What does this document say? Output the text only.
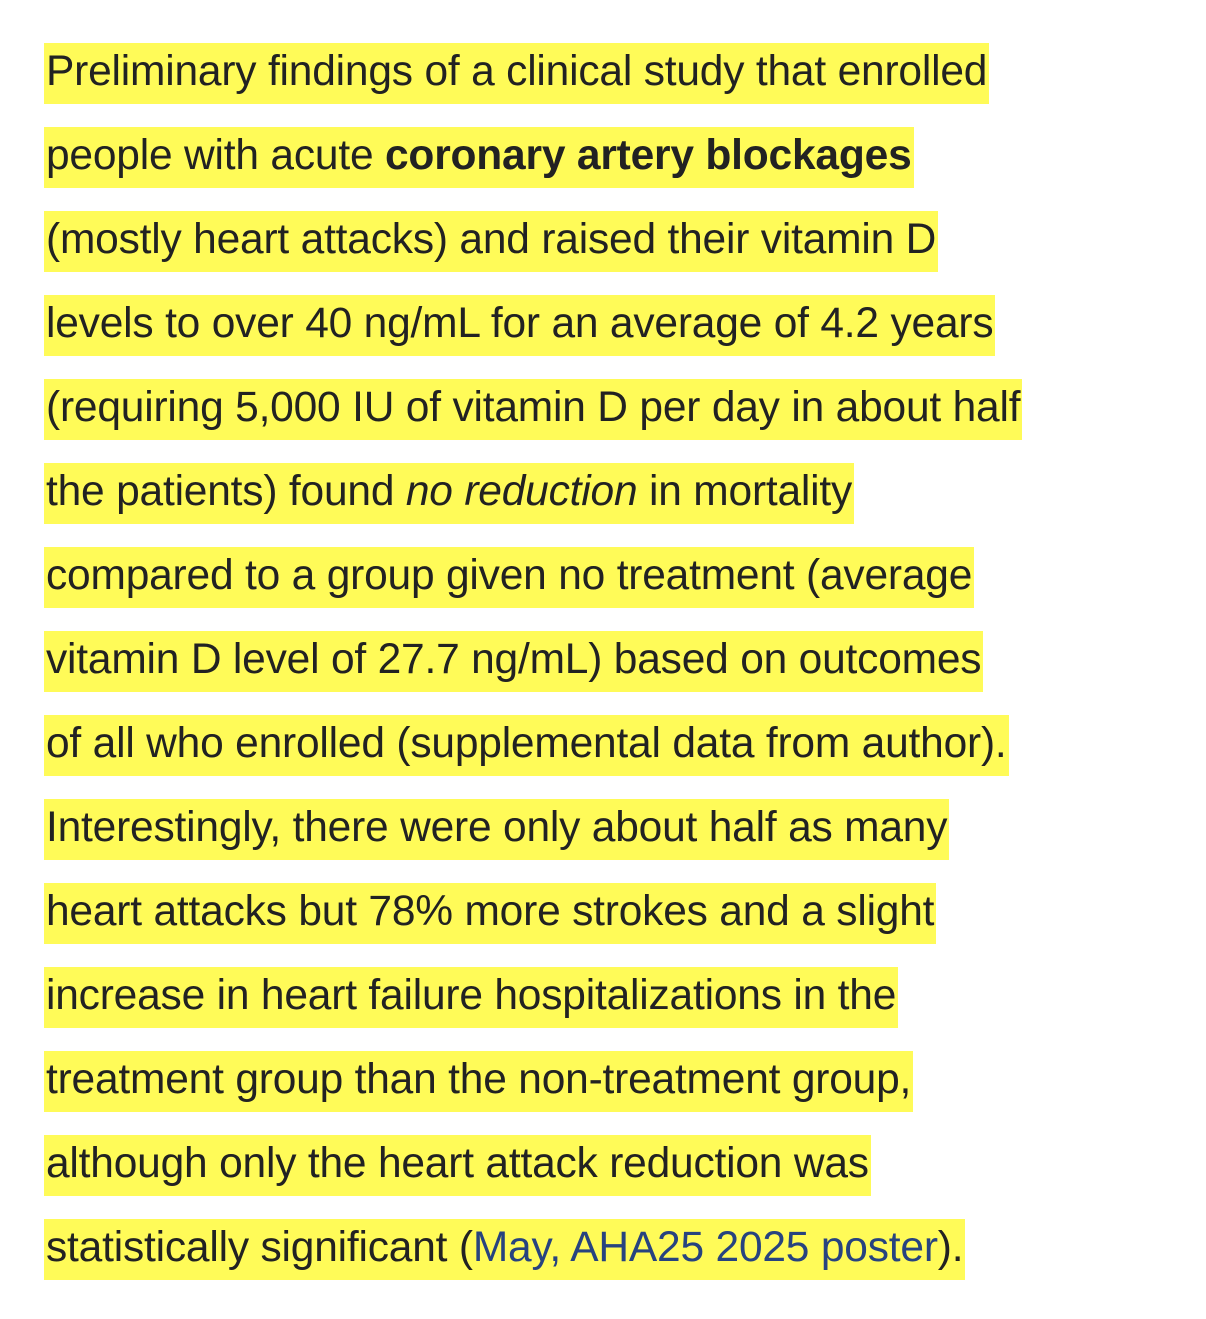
Preliminary findings of a clinical study that enrolled
people with acute coronary artery blockages
(mostly heart attacks) and raised their vitamin D
levels to over 40 ng/mL for an average of 4.2 years
(requiring 5,000 IU of vitamin D per day in about half
the patients) found no reduction in mortality
compared to a group given no treatment (average
vitamin D level of 27.7 ng/mL) based on outcomes
of all who enrolled (supplemental data from author).
Interestingly, there were only about half as many
heart attacks but 78% more strokes and a slight
increase in heart failure hospitalizations in the
treatment group than the non-treatment group,
although only the heart attack reduction was
statistically significant (May, AHA25 2025 poster).
